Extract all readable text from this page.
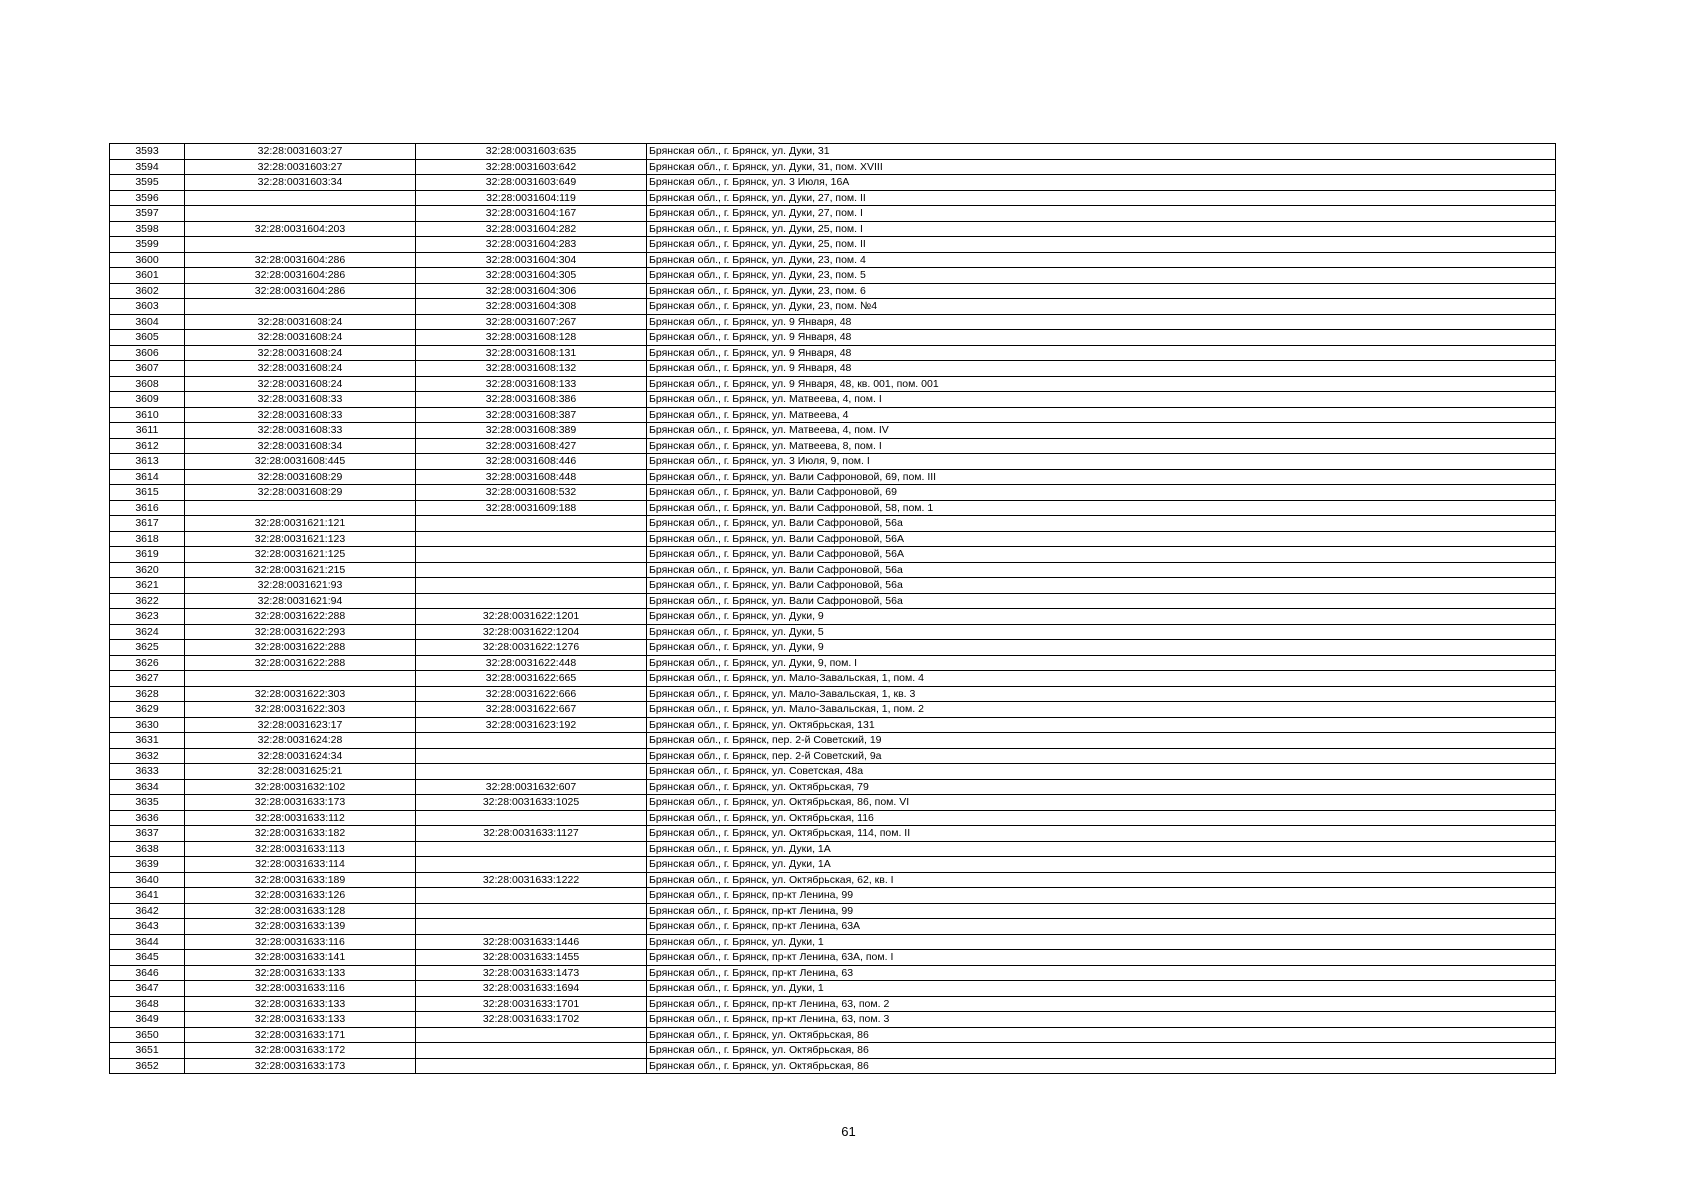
3593	32:28:0031603:27	32:28:0031603:635	Брянская обл., г. Брянск, ул. Дуки, 31
3594	32:28:0031603:27	32:28:0031603:642	Брянская обл., г. Брянск, ул. Дуки, 31, пом. XVIII
3595	32:28:0031603:34	32:28:0031603:649	Брянская обл., г. Брянск, ул. 3 Июля, 16А
3596		32:28:0031604:119	Брянская обл., г. Брянск, ул. Дуки, 27, пом. II
3597		32:28:0031604:167	Брянская обл., г. Брянск, ул. Дуки, 27, пом. I
3598	32:28:0031604:203	32:28:0031604:282	Брянская обл., г. Брянск, ул. Дуки, 25, пом. I
3599		32:28:0031604:283	Брянская обл., г. Брянск, ул. Дуки, 25, пом. II
3600	32:28:0031604:286	32:28:0031604:304	Брянская обл., г. Брянск, ул. Дуки, 23, пом. 4
3601	32:28:0031604:286	32:28:0031604:305	Брянская обл., г. Брянск, ул. Дуки, 23, пом. 5
3602	32:28:0031604:286	32:28:0031604:306	Брянская обл., г. Брянск, ул. Дуки, 23, пом. 6
3603		32:28:0031604:308	Брянская обл., г. Брянск, ул. Дуки, 23, пом. №4
3604	32:28:0031608:24	32:28:0031607:267	Брянская обл., г. Брянск, ул. 9 Января, 48
3605	32:28:0031608:24	32:28:0031608:128	Брянская обл., г. Брянск, ул. 9 Января, 48
3606	32:28:0031608:24	32:28:0031608:131	Брянская обл., г. Брянск, ул. 9 Января, 48
3607	32:28:0031608:24	32:28:0031608:132	Брянская обл., г. Брянск, ул. 9 Января, 48
3608	32:28:0031608:24	32:28:0031608:133	Брянская обл., г. Брянск, ул. 9 Января, 48, кв. 001, пом. 001
3609	32:28:0031608:33	32:28:0031608:386	Брянская обл., г. Брянск, ул. Матвеева, 4, пом. I
3610	32:28:0031608:33	32:28:0031608:387	Брянская обл., г. Брянск, ул. Матвеева, 4
3611	32:28:0031608:33	32:28:0031608:389	Брянская обл., г. Брянск, ул. Матвеева, 4, пом. IV
3612	32:28:0031608:34	32:28:0031608:427	Брянская обл., г. Брянск, ул. Матвеева, 8, пом. I
3613	32:28:0031608:445	32:28:0031608:446	Брянская обл., г. Брянск, ул. 3 Июля, 9, пом. I
3614	32:28:0031608:29	32:28:0031608:448	Брянская обл., г. Брянск, ул. Вали Сафроновой, 69, пом. III
3615	32:28:0031608:29	32:28:0031608:532	Брянская обл., г. Брянск, ул. Вали Сафроновой, 69
3616		32:28:0031609:188	Брянская обл., г. Брянск, ул. Вали Сафроновой, 58, пом. 1
3617	32:28:0031621:121		Брянская обл., г. Брянск, ул. Вали Сафроновой, 56а
3618	32:28:0031621:123		Брянская обл., г. Брянск, ул. Вали Сафроновой, 56А
3619	32:28:0031621:125		Брянская обл., г. Брянск, ул. Вали Сафроновой, 56А
3620	32:28:0031621:215		Брянская обл., г. Брянск, ул. Вали Сафроновой, 56а
3621	32:28:0031621:93		Брянская обл., г. Брянск, ул. Вали Сафроновой, 56а
3622	32:28:0031621:94		Брянская обл., г. Брянск, ул. Вали Сафроновой, 56а
3623	32:28:0031622:288	32:28:0031622:1201	Брянская обл., г. Брянск, ул. Дуки, 9
3624	32:28:0031622:293	32:28:0031622:1204	Брянская обл., г. Брянск, ул. Дуки, 5
3625	32:28:0031622:288	32:28:0031622:1276	Брянская обл., г. Брянск, ул. Дуки, 9
3626	32:28:0031622:288	32:28:0031622:448	Брянская обл., г. Брянск, ул. Дуки, 9, пом. I
3627		32:28:0031622:665	Брянская обл., г. Брянск, ул. Мало-Завальская, 1, пом. 4
3628	32:28:0031622:303	32:28:0031622:666	Брянская обл., г. Брянск, ул. Мало-Завальская, 1, кв. 3
3629	32:28:0031622:303	32:28:0031622:667	Брянская обл., г. Брянск, ул. Мало-Завальская, 1, пом. 2
3630	32:28:0031623:17	32:28:0031623:192	Брянская обл., г. Брянск, ул. Октябрьская, 131
3631	32:28:0031624:28		Брянская обл., г. Брянск, пер. 2-й Советский, 19
3632	32:28:0031624:34		Брянская обл., г. Брянск, пер. 2-й Советский, 9а
3633	32:28:0031625:21		Брянская обл., г. Брянск, ул. Советская, 48а
3634	32:28:0031632:102	32:28:0031632:607	Брянская обл., г. Брянск, ул. Октябрьская, 79
3635	32:28:0031633:173	32:28:0031633:1025	Брянская обл., г. Брянск, ул. Октябрьская, 86, пом. VI
3636	32:28:0031633:112		Брянская обл., г. Брянск, ул. Октябрьская, 116
3637	32:28:0031633:182	32:28:0031633:1127	Брянская обл., г. Брянск, ул. Октябрьская, 114, пом. II
3638	32:28:0031633:113		Брянская обл., г. Брянск, ул. Дуки, 1А
3639	32:28:0031633:114		Брянская обл., г. Брянск, ул. Дуки, 1А
3640	32:28:0031633:189	32:28:0031633:1222	Брянская обл., г. Брянск, ул. Октябрьская, 62, кв. I
3641	32:28:0031633:126		Брянская обл., г. Брянск, пр-кт Ленина, 99
3642	32:28:0031633:128		Брянская обл., г. Брянск, пр-кт Ленина, 99
3643	32:28:0031633:139		Брянская обл., г. Брянск, пр-кт Ленина, 63А
3644	32:28:0031633:116	32:28:0031633:1446	Брянская обл., г. Брянск, ул. Дуки, 1
3645	32:28:0031633:141	32:28:0031633:1455	Брянская обл., г. Брянск, пр-кт Ленина, 63А, пом. I
3646	32:28:0031633:133	32:28:0031633:1473	Брянская обл., г. Брянск, пр-кт Ленина, 63
3647	32:28:0031633:116	32:28:0031633:1694	Брянская обл., г. Брянск, ул. Дуки, 1
3648	32:28:0031633:133	32:28:0031633:1701	Брянская обл., г. Брянск, пр-кт Ленина, 63, пом. 2
3649	32:28:0031633:133	32:28:0031633:1702	Брянская обл., г. Брянск, пр-кт Ленина, 63, пом. 3
3650	32:28:0031633:171		Брянская обл., г. Брянск, ул. Октябрьская, 86
3651	32:28:0031633:172		Брянская обл., г. Брянск, ул. Октябрьская, 86
3652	32:28:0031633:173		Брянская обл., г. Брянск, ул. Октябрьская, 86
61
